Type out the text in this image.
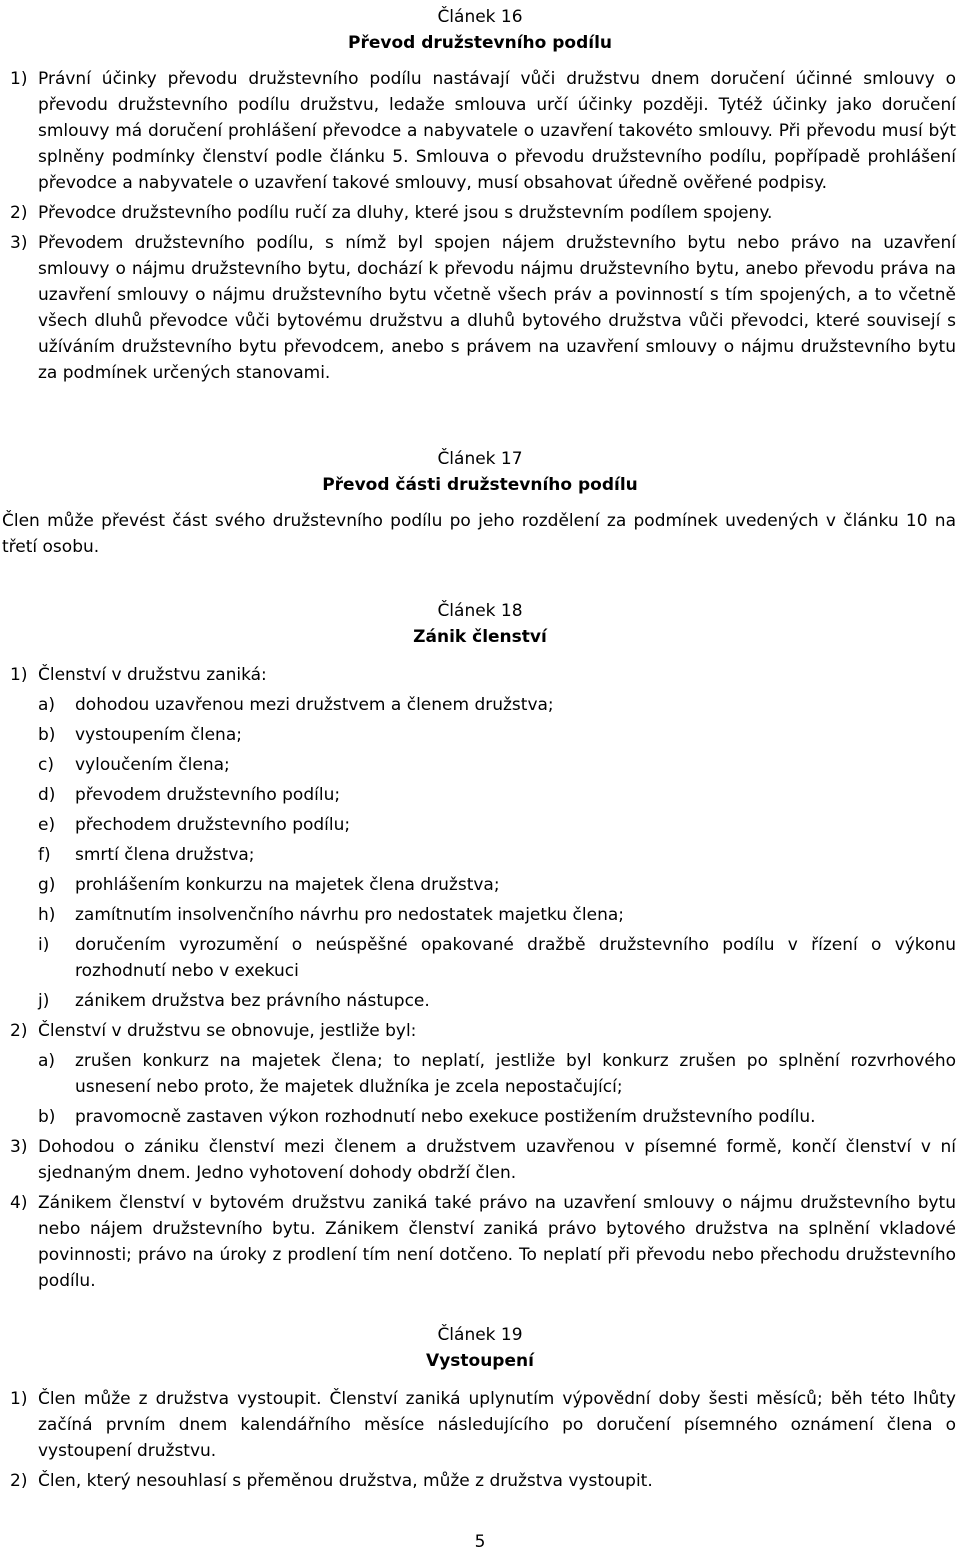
Článek 16
Převod družstevního podílu
1) Právní účinky převodu družstevního podílu nastávají vůči družstvu dnem doručení účinné smlouvy o převodu družstevního podílu družstvu, ledaže smlouva určí účinky později. Tytéž účinky jako doručení smlouvy má doručení prohlášení převodce a nabyvatele o uzavření takovéto smlouvy. Při převodu musí být splněny podmínky členství podle článku 5. Smlouva o převodu družstevního podílu, popřípadě prohlášení převodce a nabyvatele o uzavření takové smlouvy, musí obsahovat úředně ověřené podpisy.
2) Převodce družstevního podílu ručí za dluhy, které jsou s družstevním podílem spojeny.
3) Převodem družstevního podílu, s nímž byl spojen nájem družstevního bytu nebo právo na uzavření smlouvy o nájmu družstevního bytu, dochází k převodu nájmu družstevního bytu, anebo převodu práva na uzavření smlouvy o nájmu družstevního bytu včetně všech práv a povinností s tím spojených, a to včetně všech dluhů převodce vůči bytovému družstvu a dluhů bytového družstva vůči převodci, které souvisejí s užíváním družstevního bytu převodcem, anebo s právem na uzavření smlouvy o nájmu družstevního bytu za podmínek určených stanovami.
Článek 17
Převod části družstevního podílu
Člen může převést část svého družstevního podílu po jeho rozdělení za podmínek uvedených v článku 10 na třetí osobu.
Článek 18
Zánik členství
1) Členství v družstvu zaniká:
a)	dohodou uzavřenou mezi družstvem a členem družstva;
b)	vystoupením člena;
c)	vyloučením člena;
d)	převodem družstevního podílu;
e)	přechodem družstevního podílu;
f)	smrtí člena družstva;
g)	prohlášením konkurzu na majetek člena družstva;
h)	zamítnutím insolvenčního návrhu pro nedostatek majetku člena;
i)	doručením vyrozumění o neúspěšné opakované dražbě družstevního podílu v řízení o výkonu rozhodnutí nebo v exekuci
j)	zánikem družstva bez právního nástupce.
2) Členství v družstvu se obnovuje, jestliže byl:
a)	zrušen konkurz na majetek člena; to neplatí, jestliže byl konkurz zrušen po splnění rozvrhového usnesení nebo proto, že majetek dlužníka je zcela nepostačující;
b)	pravomocně zastaven výkon rozhodnutí nebo exekuce postižením družstevního podílu.
3) Dohodou o zániku členství mezi členem a družstvem uzavřenou v písemné formě, končí členství v ní sjednaným dnem. Jedno vyhotovení dohody obdrží člen.
4) Zánikem členství v bytovém družstvu zaniká také právo na uzavření smlouvy o nájmu družstevního bytu nebo nájem družstevního bytu. Zánikem členství zaniká právo bytového družstva na splnění vkladové povinnosti; právo na úroky z prodlení tím není dotčeno. To neplatí při převodu nebo přechodu družstevního podílu.
Článek 19
Vystoupení
1) Člen může z družstva vystoupit. Členství zaniká uplynutím výpovědní doby šesti měsíců; běh této lhůty začíná prvním dnem kalendářního měsíce následujícího po doručení písemného oznámení člena o vystoupení družstvu.
2) Člen, který nesouhlasí s přeměnou družstva, může z družstva vystoupit.
5
